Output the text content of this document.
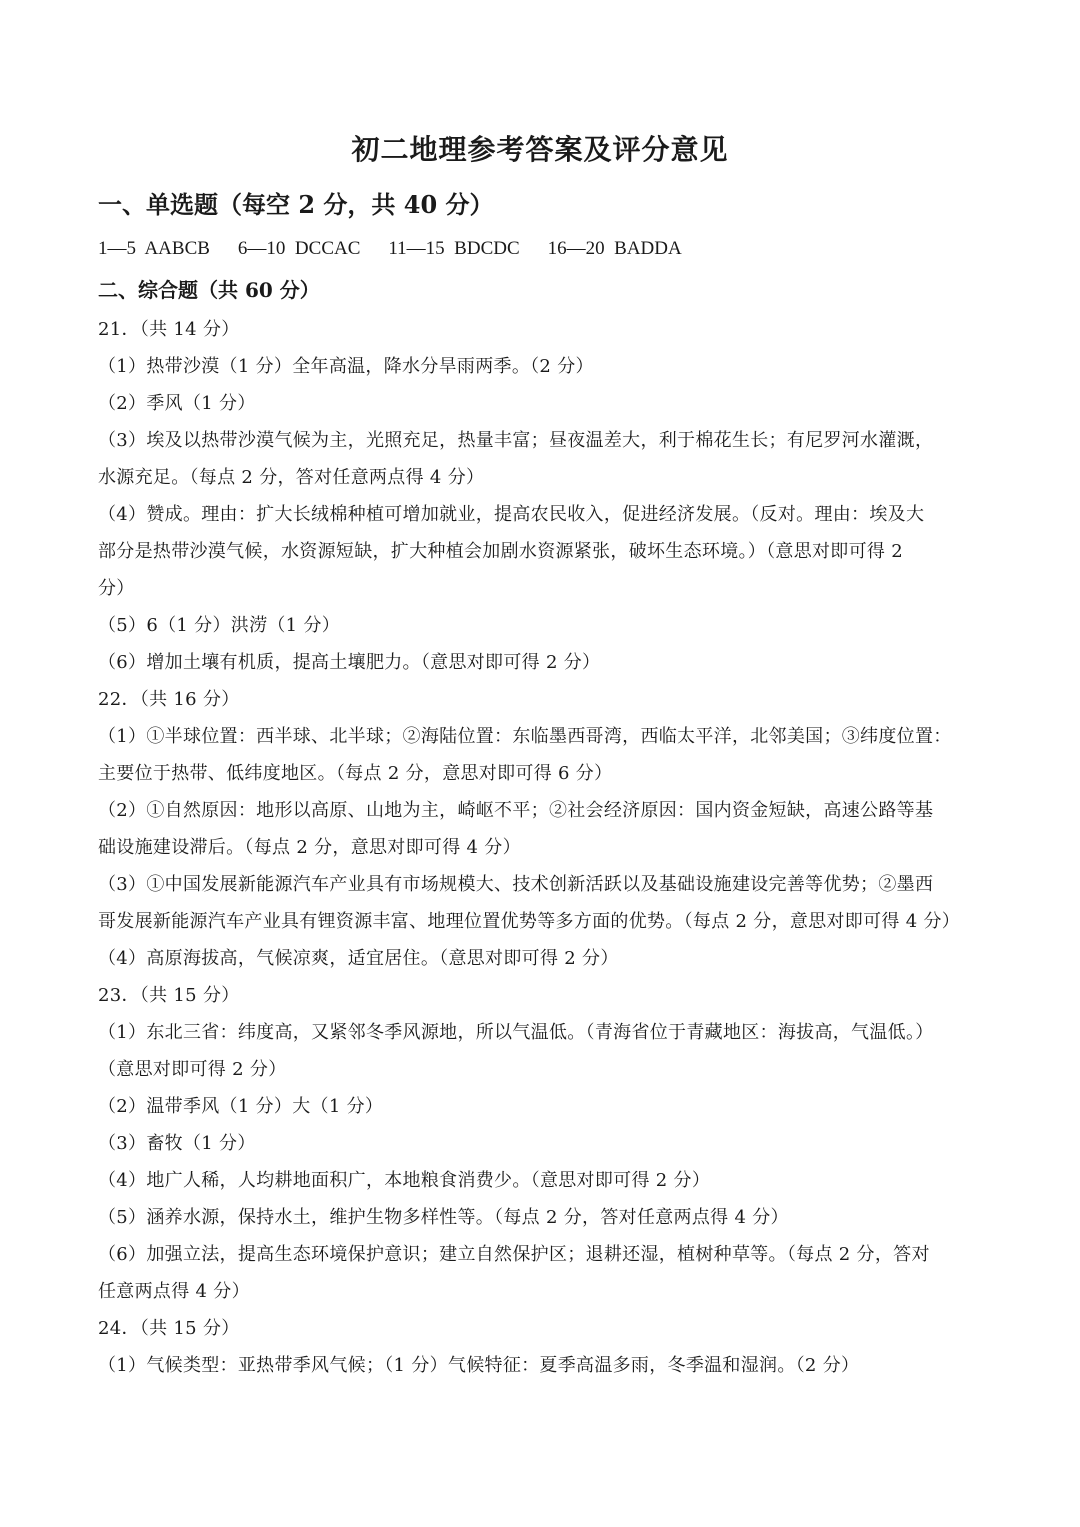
初二地理参考答案及评分意见

一、单选题（每空 2 分，共 40 分）

1—5  AABCB 6—10  DCCAC 11—15  BDCDC 16—20  BADDA

二、综合题（共 60 分）

21．（共 14 分）

（1）热带沙漠（1 分）全年高温，降水分旱雨两季。（2 分）

（2）季风（1 分）

（3）埃及以热带沙漠气候为主，光照充足，热量丰富；昼夜温差大，利于棉花生长；有尼罗河水灌溉，

水源充足。（每点 2 分，答对任意两点得 4 分）

（4）赞成。理由：扩大长绒棉种植可增加就业，提高农民收入，促进经济发展。（反对。理由：埃及大

部分是热带沙漠气候，水资源短缺，扩大种植会加剧水资源紧张，破坏生态环境。）（意思对即可得 2

分）

（5）6（1 分）洪涝（1 分）

（6）增加土壤有机质，提高土壤肥力。（意思对即可得 2 分）

22．（共 16 分）

（1）①半球位置：西半球、北半球；②海陆位置：东临墨西哥湾，西临太平洋，北邻美国；③纬度位置：

主要位于热带、低纬度地区。（每点 2 分，意思对即可得 6 分）

（2）①自然原因：地形以高原、山地为主，崎岖不平；②社会经济原因：国内资金短缺，高速公路等基

础设施建设滞后。（每点 2 分，意思对即可得 4 分）

（3）①中国发展新能源汽车产业具有市场规模大、技术创新活跃以及基础设施建设完善等优势；②墨西

哥发展新能源汽车产业具有锂资源丰富、地理位置优势等多方面的优势。（每点 2 分，意思对即可得 4 分）

（4）高原海拔高，气候凉爽，适宜居住。（意思对即可得 2 分）

23．（共 15 分）

（1）东北三省：纬度高，又紧邻冬季风源地，所以气温低。（青海省位于青藏地区：海拔高，气温低。）

（意思对即可得 2 分）

（2）温带季风（1 分）大（1 分）

（3）畜牧（1 分）

（4）地广人稀，人均耕地面积广，本地粮食消费少。（意思对即可得 2 分）

（5）涵养水源，保持水土，维护生物多样性等。（每点 2 分，答对任意两点得 4 分）

（6）加强立法，提高生态环境保护意识；建立自然保护区；退耕还湿，植树种草等。（每点 2 分，答对

任意两点得 4 分）

24．（共 15 分）

（1）气候类型：亚热带季风气候；（1 分）气候特征：夏季高温多雨，冬季温和湿润。（2 分）
